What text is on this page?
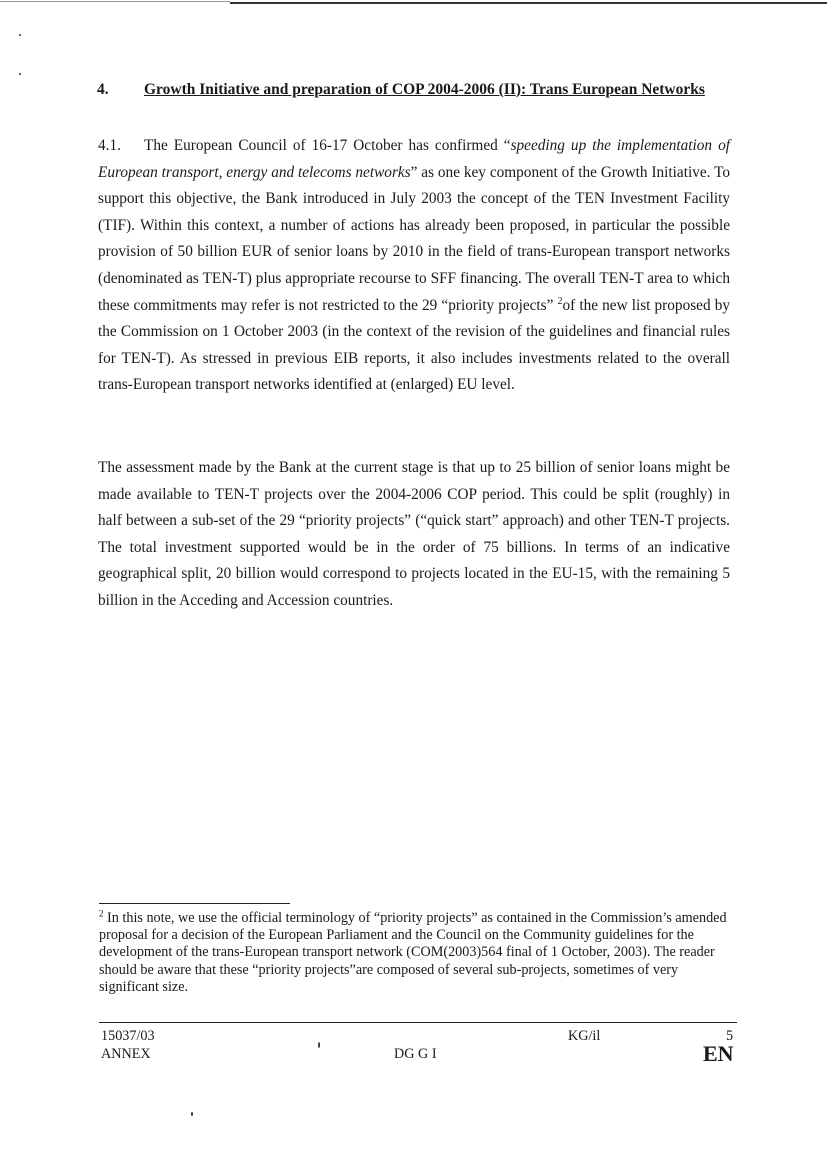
4. Growth Initiative and preparation of COP 2004-2006 (II): Trans European Networks
4.1. The European Council of 16-17 October has confirmed “speeding up the implementation of European transport, energy and telecoms networks” as one key component of the Growth Initiative. To support this objective, the Bank introduced in July 2003 the concept of the TEN Investment Facility (TIF). Within this context, a number of actions has already been proposed, in particular the possible provision of 50 billion EUR of senior loans by 2010 in the field of trans-European transport networks (denominated as TEN-T) plus appropriate recourse to SFF financing. The overall TEN-T area to which these commitments may refer is not restricted to the 29 “priority projects” $^2$of the new list proposed by the Commission on 1 October 2003 (in the context of the revision of the guidelines and financial rules for TEN-T). As stressed in previous EIB reports, it also includes investments related to the overall trans-European transport networks identified at (enlarged) EU level.
The assessment made by the Bank at the current stage is that up to 25 billion of senior loans might be made available to TEN-T projects over the 2004-2006 COP period. This could be split (roughly) in half between a sub-set of the 29 “priority projects” (“quick start” approach) and other TEN-T projects. The total investment supported would be in the order of 75 billions. In terms of an indicative geographical split, 20 billion would correspond to projects located in the EU-15, with the remaining 5 billion in the Acceding and Accession countries.
$^2$ In this note, we use the official terminology of “priority projects” as contained in the Commission’s amended proposal for a decision of the European Parliament and the Council on the Community guidelines for the development of the trans-European transport network (COM(2003)564 final of 1 October, 2003). The reader should be aware that these “priority projects”are composed of several sub-projects, sometimes of very significant size.
15037/03
ANNEX	DG G I
KG/il	5
EN
